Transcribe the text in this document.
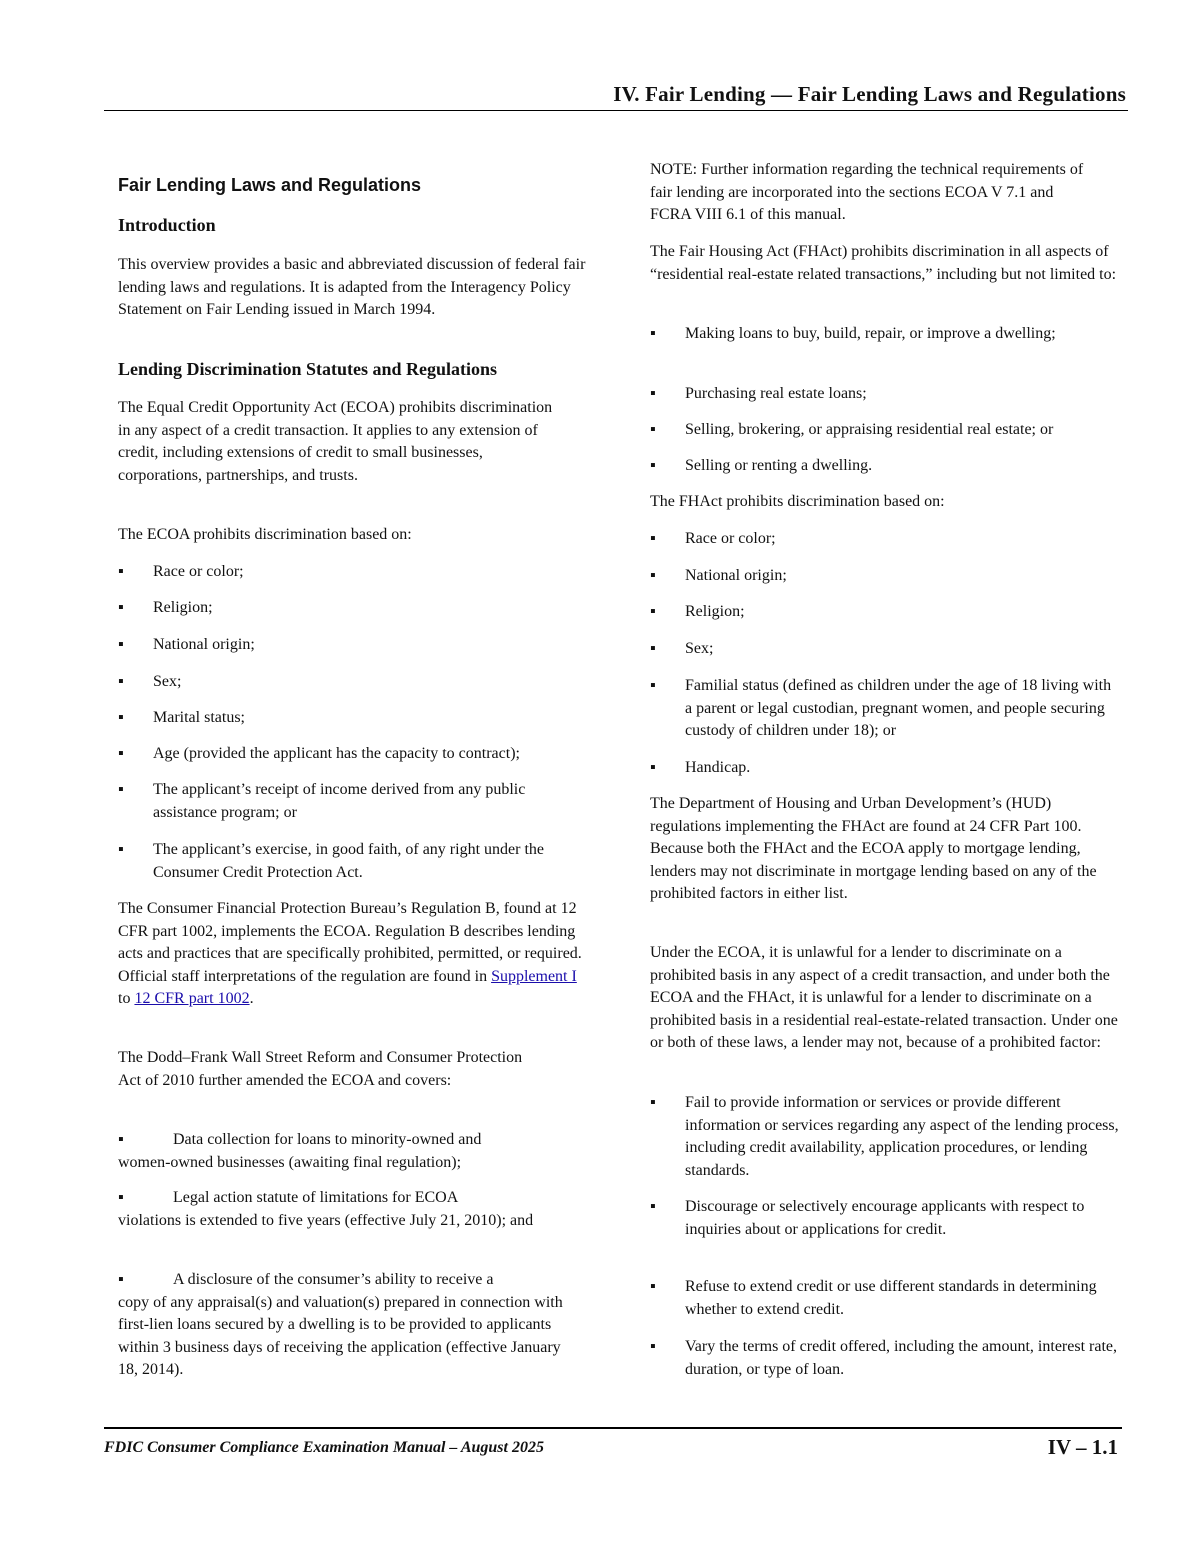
IV. Fair Lending — Fair Lending Laws and Regulations
Fair Lending Laws and Regulations
Introduction

This overview provides a basic and abbreviated discussion of federal fair lending laws and regulations. It is adapted from the Interagency Policy Statement on Fair Lending issued in March 1994.

Lending Discrimination Statutes and Regulations

The Equal Credit Opportunity Act (ECOA) prohibits discrimination in any aspect of a credit transaction. It applies to any extension of credit, including extensions of credit to small businesses, corporations, partnerships, and trusts.

The ECOA prohibits discrimination based on:

▪ Race or color;
▪ Religion;
▪ National origin;
▪ Sex;
▪ Marital status;
▪ Age (provided the applicant has the capacity to contract);
▪ The applicant’s receipt of income derived from any public assistance program; or
▪ The applicant’s exercise, in good faith, of any right under the Consumer Credit Protection Act.

The Consumer Financial Protection Bureau’s Regulation B, found at 12 CFR part 1002, implements the ECOA. Regulation B describes lending acts and practices that are specifically prohibited, permitted, or required. Official staff interpretations of the regulation are found in Supplement I to 12 CFR part 1002.

The Dodd–Frank Wall Street Reform and Consumer Protection Act of 2010 further amended the ECOA and covers:

▪	Data collection for loans to minority-owned and
women-owned businesses (awaiting final regulation);
▪	Legal action statute of limitations for ECOA
violations is extended to five years (effective July 21, 2010); and
▪	A disclosure of the consumer’s ability to receive a
copy of any appraisal(s) and valuation(s) prepared in connection with first-lien loans secured by a dwelling is to be provided to applicants within 3 business days of receiving the application (effective January 18, 2014).

NOTE: Further information regarding the technical requirements of fair lending are incorporated into the sections ECOA V 7.1 and FCRA VIII 6.1 of this manual.

The Fair Housing Act (FHAct) prohibits discrimination in all aspects of “residential real-estate related transactions,” including but not limited to:

▪ Making loans to buy, build, repair, or improve a dwelling;
▪ Purchasing real estate loans;
▪ Selling, brokering, or appraising residential real estate; or
▪ Selling or renting a dwelling.

The FHAct prohibits discrimination based on:

▪ Race or color;
▪ National origin;
▪ Religion;
▪ Sex;
▪ Familial status (defined as children under the age of 18 living with a parent or legal custodian, pregnant women, and people securing custody of children under 18); or
▪ Handicap.

The Department of Housing and Urban Development’s (HUD) regulations implementing the FHAct are found at 24 CFR Part 100. Because both the FHAct and the ECOA apply to mortgage lending, lenders may not discriminate in mortgage lending based on any of the prohibited factors in either list.

Under the ECOA, it is unlawful for a lender to discriminate on a prohibited basis in any aspect of a credit transaction, and under both the ECOA and the FHAct, it is unlawful for a lender to discriminate on a prohibited basis in a residential real-estate-related transaction. Under one or both of these laws, a lender may not, because of a prohibited factor:

▪ Fail to provide information or services or provide different information or services regarding any aspect of the lending process, including credit availability, application procedures, or lending standards.
▪ Discourage or selectively encourage applicants with respect to inquiries about or applications for credit.
▪ Refuse to extend credit or use different standards in determining whether to extend credit.
▪ Vary the terms of credit offered, including the amount, interest rate, duration, or type of loan.
FDIC Consumer Compliance Examination Manual – August 2025	IV – 1.1
